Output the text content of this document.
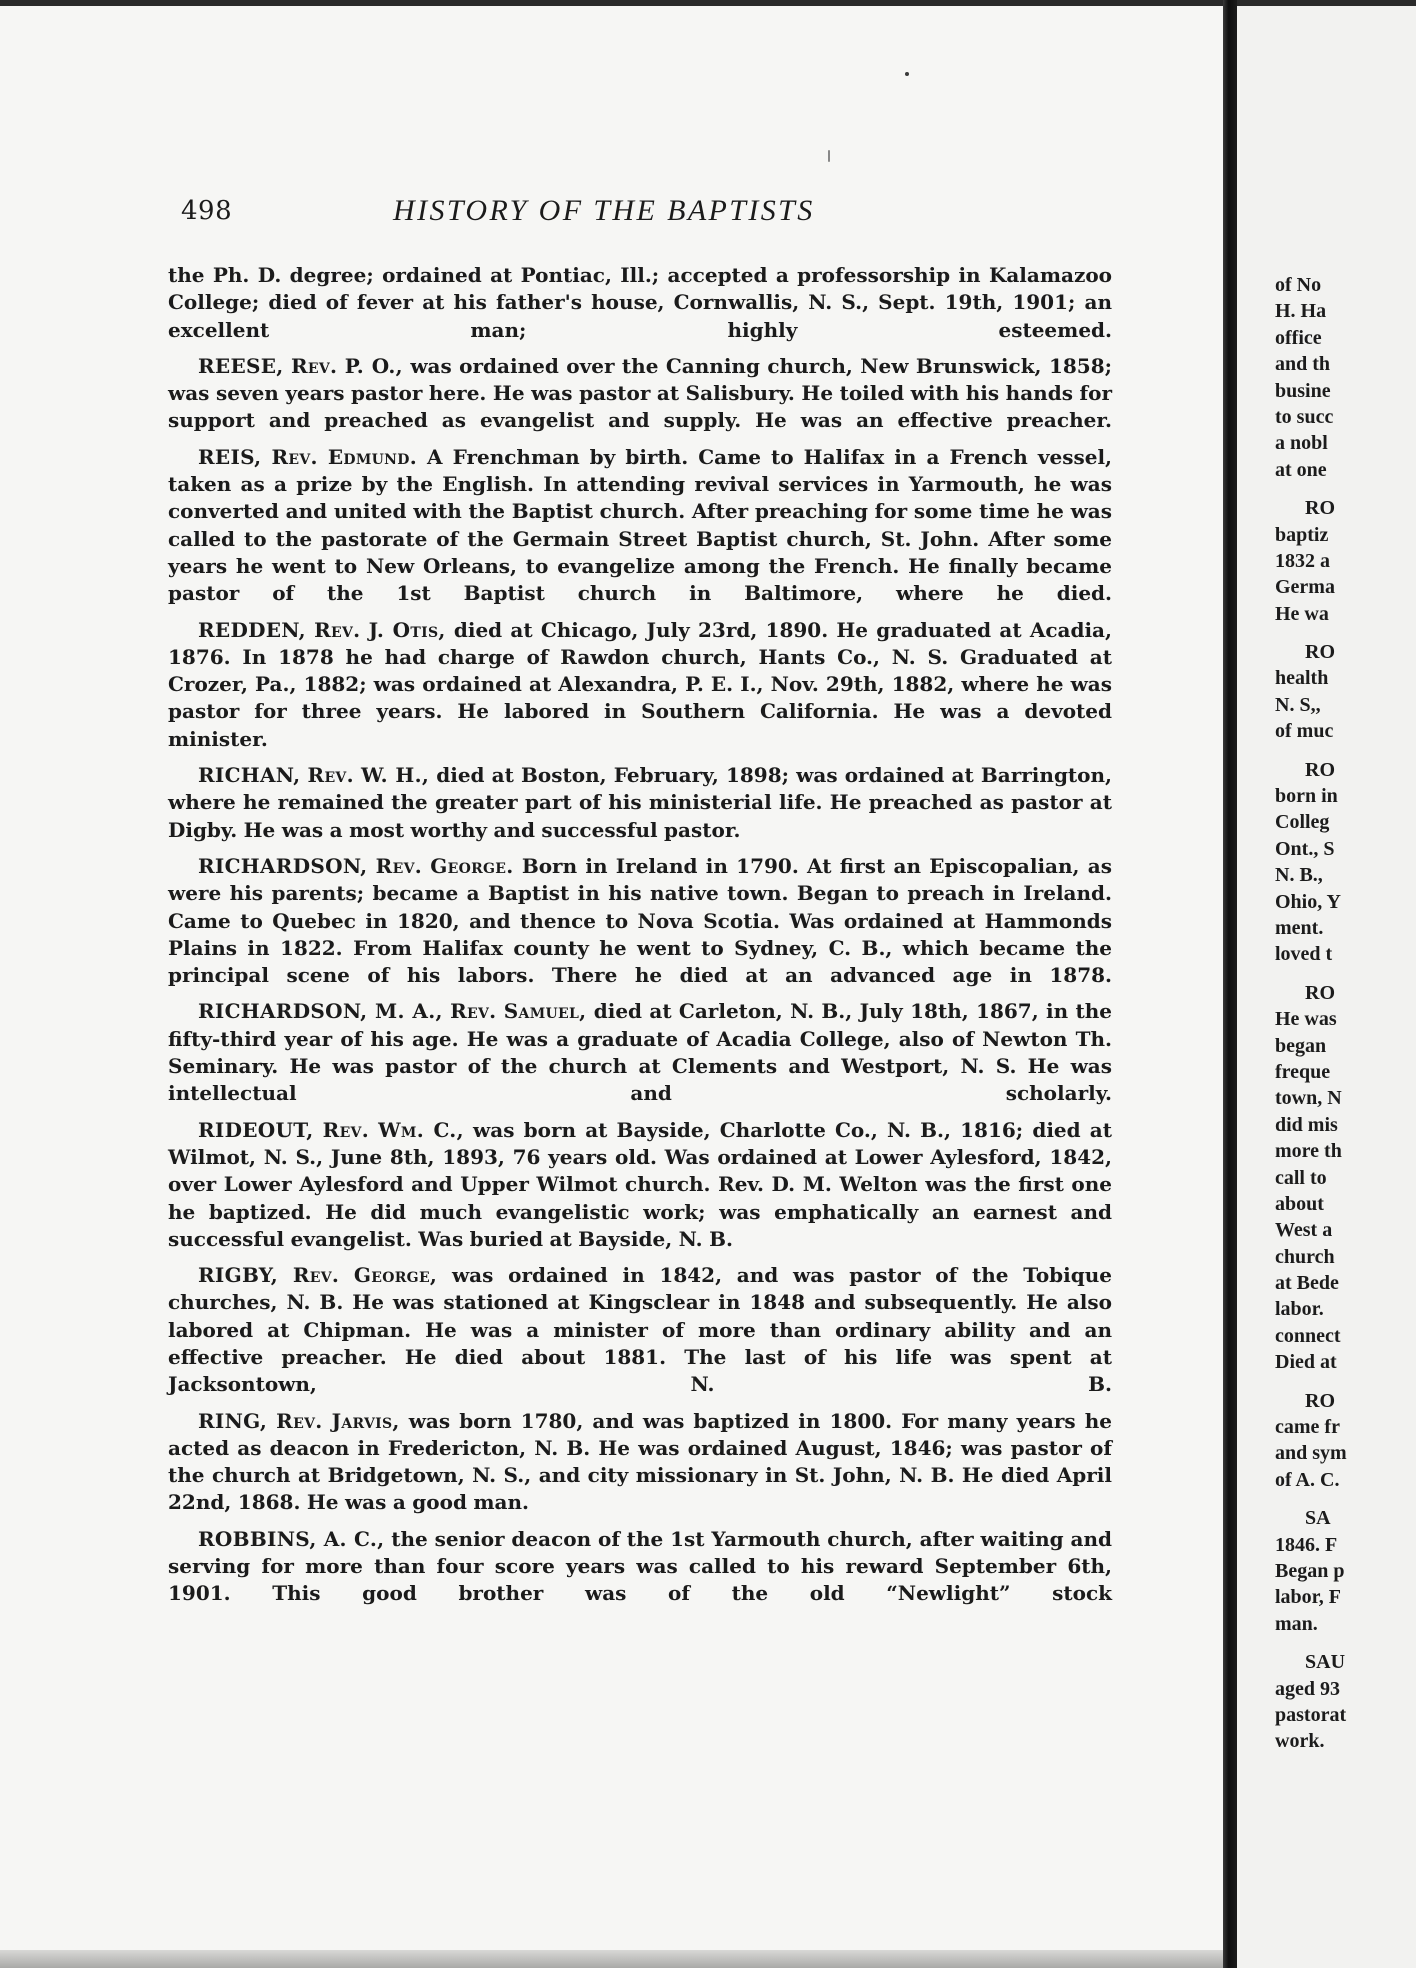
498	HISTORY OF THE BAPTISTS

the Ph. D. degree; ordained at Pontiac, Ill.; accepted a professorship in Kalamazoo College; died of fever at his father's house, Cornwallis, N. S., Sept. 19th, 1901; an excellent man; highly esteemed.

REESE, Rev. P. O., was ordained over the Canning church, New Brunswick, 1858; was seven years pastor here. He was pastor at Salisbury. He toiled with his hands for support and preached as evangelist and supply. He was an effective preacher.

REIS, Rev. Edmund. A Frenchman by birth. Came to Halifax in a French vessel, taken as a prize by the English. In attending revival services in Yarmouth, he was converted and united with the Baptist church. After preaching for some time he was called to the pastorate of the Germain Street Baptist church, St. John. After some years he went to New Orleans, to evangelize among the French. He finally became pastor of the 1st Baptist church in Baltimore, where he died.

REDDEN, Rev. J. Otis, died at Chicago, July 23rd, 1890. He graduated at Acadia, 1876. In 1878 he had charge of Rawdon church, Hants Co., N. S. Graduated at Crozer, Pa., 1882; was ordained at Alexandra, P. E. I., Nov. 29th, 1882, where he was pastor for three years. He labored in Southern California. He was a devoted minister.

RICHAN, Rev. W. H., died at Boston, February, 1898; was ordained at Barrington, where he remained the greater part of his ministerial life. He preached as pastor at Digby. He was a most worthy and successful pastor.

RICHARDSON, Rev. George. Born in Ireland in 1790. At first an Episcopalian, as were his parents; became a Baptist in his native town. Began to preach in Ireland. Came to Quebec in 1820, and thence to Nova Scotia. Was ordained at Hammonds Plains in 1822. From Halifax county he went to Sydney, C. B., which became the principal scene of his labors. There he died at an advanced age in 1878.

RICHARDSON, M. A., Rev. Samuel, died at Carleton, N. B., July 18th, 1867, in the fifty-third year of his age. He was a graduate of Acadia College, also of Newton Th. Seminary. He was pastor of the church at Clements and Westport, N. S. He was intellectual and scholarly.

RIDEOUT, Rev. Wm. C., was born at Bayside, Charlotte Co., N. B., 1816; died at Wilmot, N. S., June 8th, 1893, 76 years old. Was ordained at Lower Aylesford, 1842, over Lower Aylesford and Upper Wilmot church. Rev. D. M. Welton was the first one he baptized. He did much evangelistic work; was emphatically an earnest and successful evangelist. Was buried at Bayside, N. B.

RIGBY, Rev. George, was ordained in 1842, and was pastor of the Tobique churches, N. B. He was stationed at Kingsclear in 1848 and subsequently. He also labored at Chipman. He was a minister of more than ordinary ability and an effective preacher. He died about 1881. The last of his life was spent at Jacksontown, N. B.

RING, Rev. Jarvis, was born 1780, and was baptized in 1800. For many years he acted as deacon in Fredericton, N. B. He was ordained August, 1846; was pastor of the church at Bridgetown, N. S., and city missionary in St. John, N. B. He died April 22nd, 1868. He was a good man.

ROBBINS, A. C., the senior deacon of the 1st Yarmouth church, after waiting and serving for more than four score years was called to his reward September 6th, 1901. This good brother was of the old “Newlight” stock

of No
H. Ha
office
and th
busine
to succ
a nobl
at one
RO
baptiz
1832 a
Germa
He wa
RO
health
N. S,,
of muc
RO
born in
Colleg
Ont., S
N. B.,
Ohio, Y
ment.
loved t
RO
He was
began
freque
town, N
did mis
more th
call to
about
West a
church
at Bede
labor.
connect
Died at
RO
came fr
and sym
of A. C.
SA
1846. F
Began p
labor, F
man.
SAU
aged 93
pastorat
work.
